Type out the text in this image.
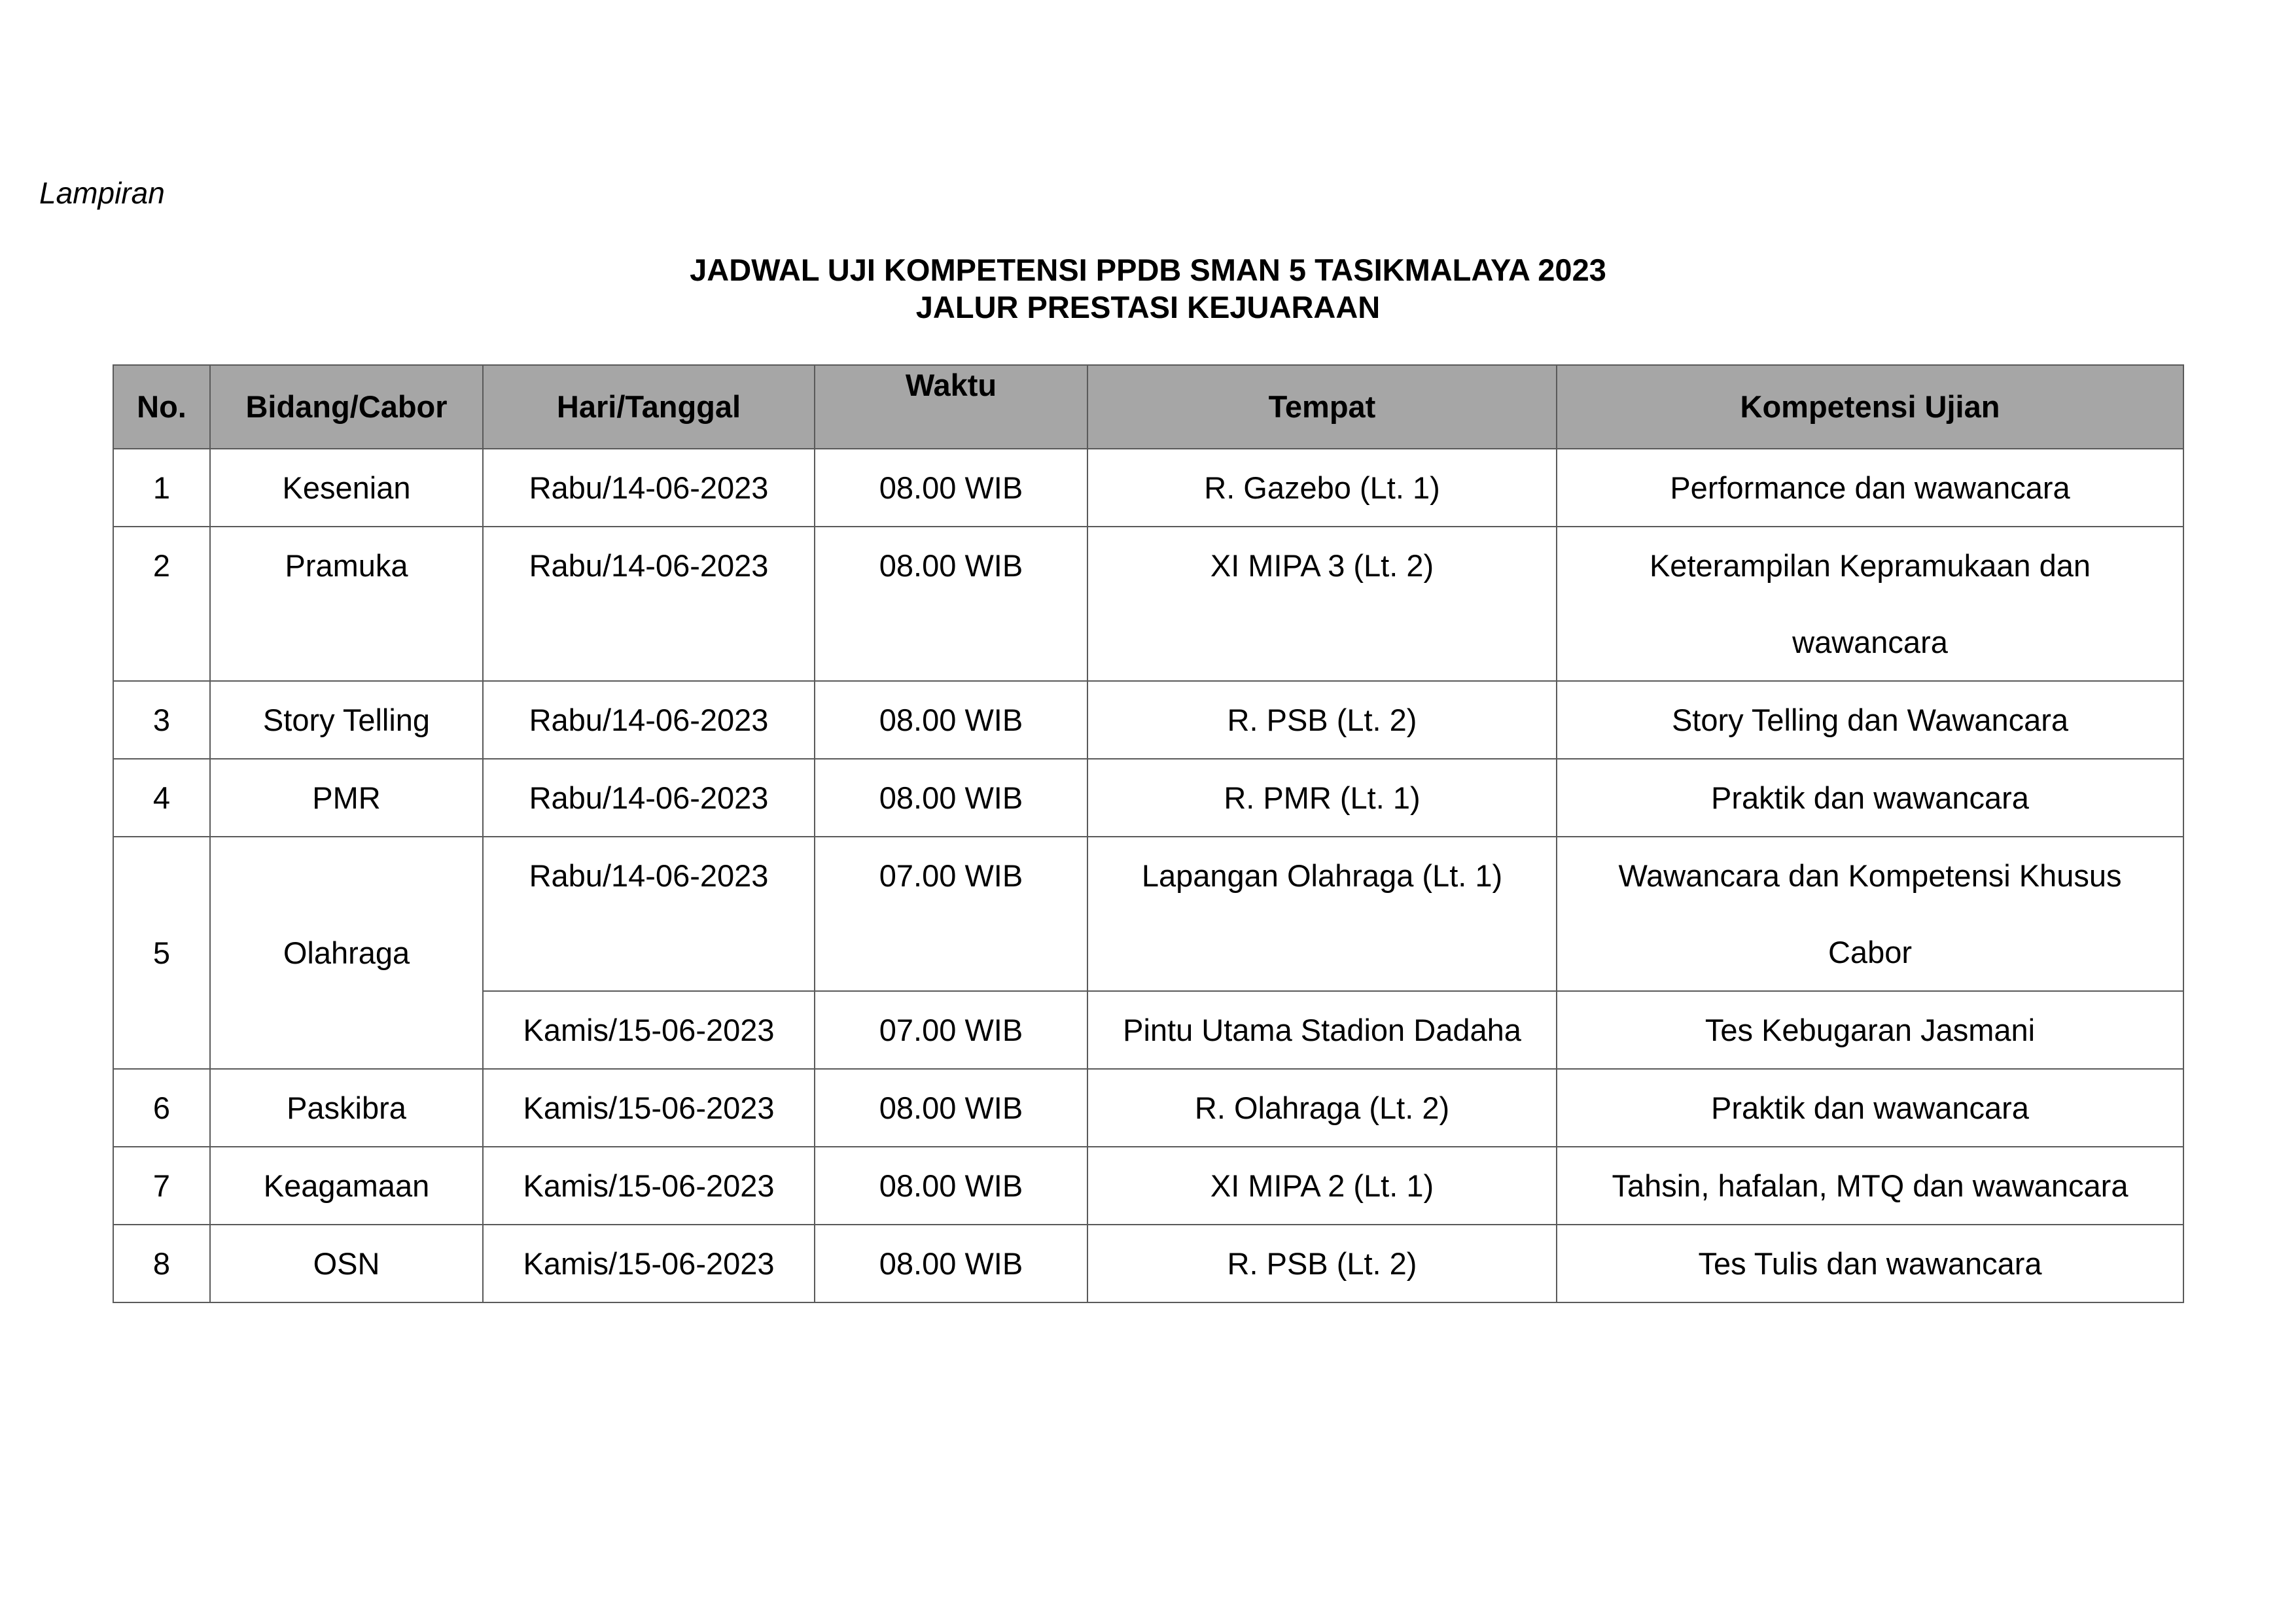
Lampiran
JADWAL UJI KOMPETENSI PPDB SMAN 5 TASIKMALAYA 2023
JALUR PRESTASI KEJUARAAN
No.	Bidang/Cabor	Hari/Tanggal	Waktu	Tempat	Kompetensi Ujian
1	Kesenian	Rabu/14-06-2023	08.00 WIB	R. Gazebo (Lt. 1)	Performance dan wawancara
2	Pramuka	Rabu/14-06-2023	08.00 WIB	XI MIPA 3 (Lt. 2)	Keterampilan Kepramukaan dan
wawancara

3	Story Telling	Rabu/14-06-2023	08.00 WIB	R. PSB (Lt. 2)	Story Telling dan Wawancara
4	PMR	Rabu/14-06-2023	08.00 WIB	R. PMR (Lt. 1)	Praktik dan wawancara
5	Olahraga	Rabu/14-06-2023	07.00 WIB	Lapangan Olahraga (Lt. 1)	Wawancara dan Kompetensi Khusus
Cabor

		Kamis/15-06-2023	07.00 WIB	Pintu Utama Stadion Dadaha	Tes Kebugaran Jasmani
6	Paskibra	Kamis/15-06-2023	08.00 WIB	R. Olahraga (Lt. 2)	Praktik dan wawancara
7	Keagamaan	Kamis/15-06-2023	08.00 WIB	XI MIPA 2 (Lt. 1)	Tahsin, hafalan, MTQ dan wawancara
8	OSN	Kamis/15-06-2023	08.00 WIB	R. PSB (Lt. 2)	Tes Tulis dan wawancara
